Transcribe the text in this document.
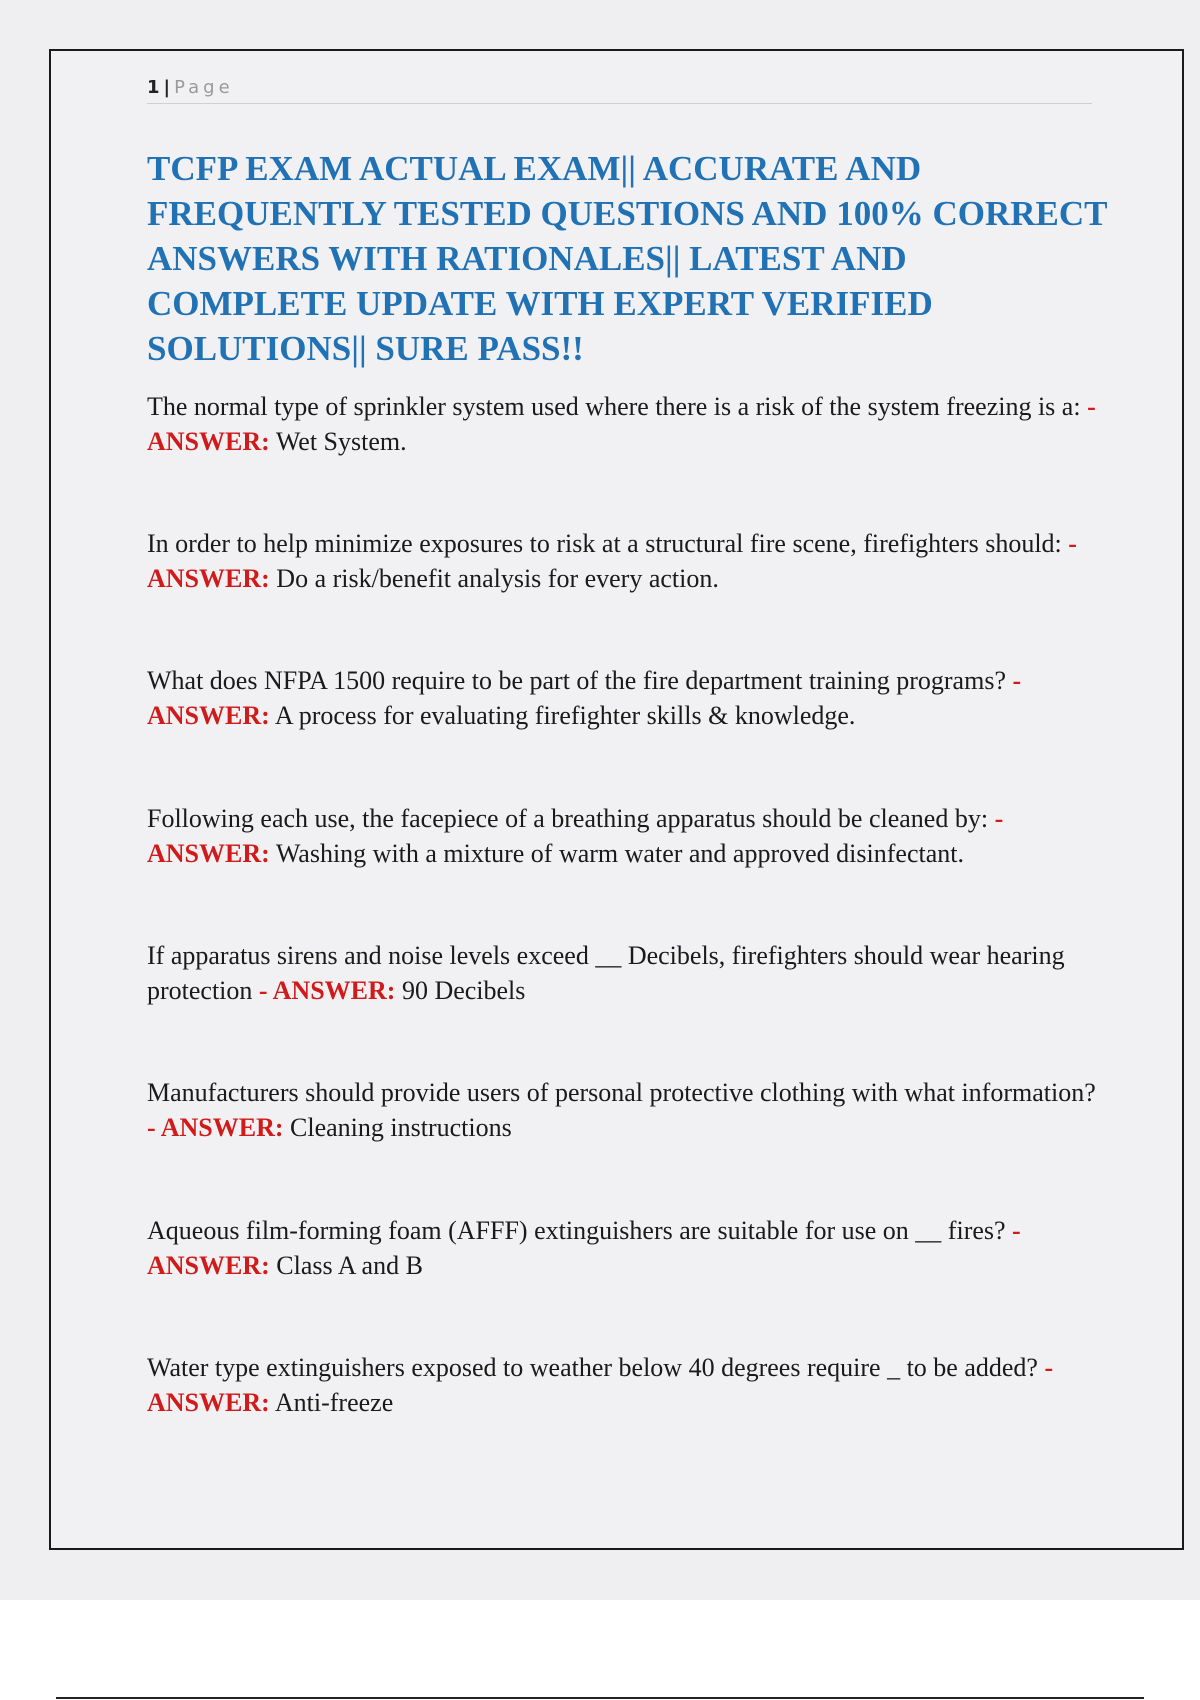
1 | Page
TCFP EXAM ACTUAL EXAM|| ACCURATE AND FREQUENTLY TESTED QUESTIONS AND 100% CORRECT ANSWERS WITH RATIONALES|| LATEST AND COMPLETE UPDATE WITH EXPERT VERIFIED SOLUTIONS|| SURE PASS!!

The normal type of sprinkler system used where there is a risk of the system freezing is a: - ANSWER: Wet System.

In order to help minimize exposures to risk at a structural fire scene, firefighters should: - ANSWER: Do a risk/benefit analysis for every action.

What does NFPA 1500 require to be part of the fire department training programs? - ANSWER: A process for evaluating firefighter skills & knowledge.

Following each use, the facepiece of a breathing apparatus should be cleaned by: - ANSWER: Washing with a mixture of warm water and approved disinfectant.

If apparatus sirens and noise levels exceed __ Decibels, firefighters should wear hearing protection - ANSWER: 90 Decibels

Manufacturers should provide users of personal protective clothing with what information? - ANSWER: Cleaning instructions

Aqueous film-forming foam (AFFF) extinguishers are suitable for use on __ fires? - ANSWER: Class A and B

Water type extinguishers exposed to weather below 40 degrees require _ to be added? - ANSWER: Anti-freeze
